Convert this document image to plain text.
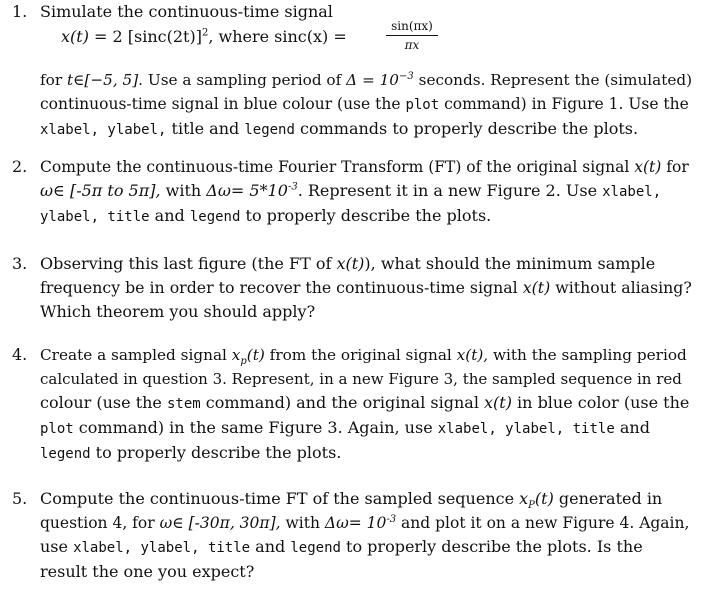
1. Simulate the continuous-time signal
x(t) = 2 $[\sin c(2t)]^2$, where sinc(x) =	$\frac{\sin(\pi x)}{\pi x}$
for t∈[−5, 5]. Use a sampling period of $\Delta = 10^{-3}$ seconds. Represent the (simulated)
continuous-time signal in blue colour (use the plot command) in Figure 1. Use the
xlabel, ylabel, title and legend commands to properly describe the plots.
2. Compute the continuous-time Fourier Transform (FT) of the original signal x(t) for
ω∈ [-5π to 5π], with $\Delta\omega= 5*10^{-3}$. Represent it in a new Figure 2. Use xlabel,
ylabel, title and legend to properly describe the plots.
3. Observing this last figure (the FT of x(t)), what should the minimum sample
frequency be in order to recover the continuous-time signal x(t) without aliasing?
Which theorem you should apply?
4. Create a sampled signal $x_p(t)$ from the original signal x(t), with the sampling period
calculated in question 3. Represent, in a new Figure 3, the sampled sequence in red
colour (use the stem command) and the original signal x(t) in blue color (use the
plot command) in the same Figure 3. Again, use xlabel, ylabel, title and
legend to properly describe the plots.
5. Compute the continuous-time FT of the sampled sequence $x_P(t)$ generated in
question 4, for ω∈ [-30π, 30π], with $\Delta\omega= 10^{-3}$ and plot it on a new Figure 4. Again,
use xlabel, ylabel, title and legend to properly describe the plots. Is the
result the one you expect?
